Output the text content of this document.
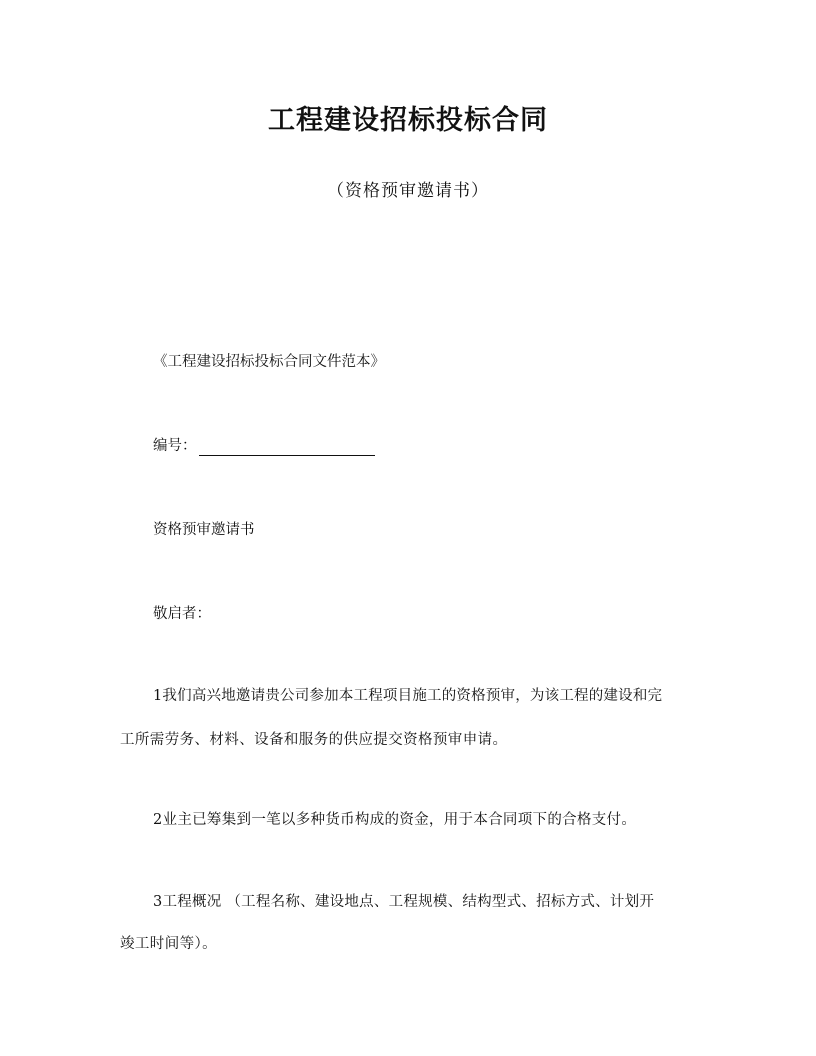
工程建设招标投标合同
（资格预审邀请书）
《工程建设招标投标合同文件范本》
编号：
资格预审邀请书
敬启者：
1我们高兴地邀请贵公司参加本工程项目施工的资格预审，为该工程的建设和完
工所需劳务、材料、设备和服务的供应提交资格预审申请。
2业主已筹集到一笔以多种货币构成的资金，用于本合同项下的合格支付。
3工程概况 （工程名称、建设地点、工程规模、结构型式、招标方式、计划开
竣工时间等）。
